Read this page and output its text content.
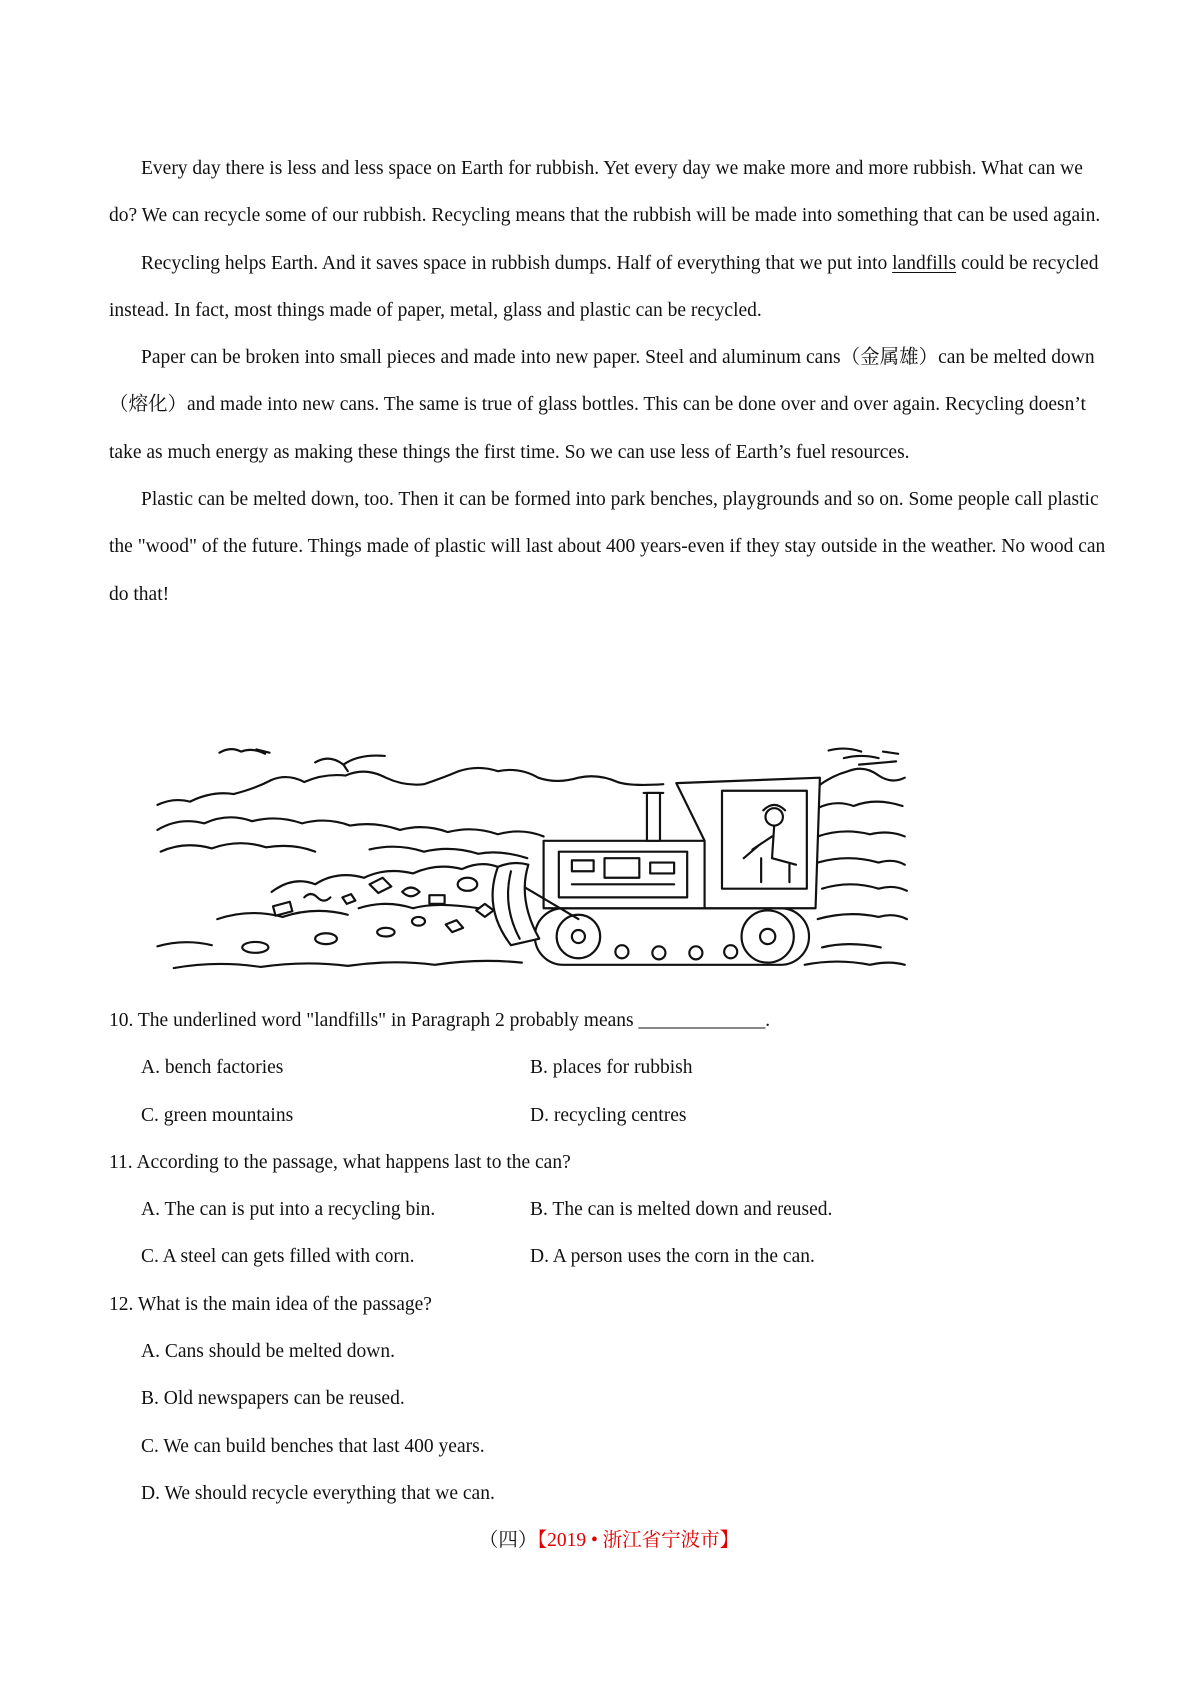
Every day there is less and less space on Earth for rubbish. Yet every day we make more and more rubbish. What can we do? We can recycle some of our rubbish. Recycling means that the rubbish will be made into something that can be used again.

Recycling helps Earth. And it saves space in rubbish dumps. Half of everything that we put into landfills could be recycled instead. In fact, most things made of paper, metal, glass and plastic can be recycled.

Paper can be broken into small pieces and made into new paper. Steel and aluminum cans（金属雄）can be melted down（熔化）and made into new cans. The same is true of glass bottles. This can be done over and over again. Recycling doesn’t take as much energy as making these things the first time. So we can use less of Earth’s fuel resources.

Plastic can be melted down, too. Then it can be formed into park benches, playgrounds and so on. Some people call plastic the "wood" of the future. Things made of plastic will last about 400 years-even if they stay outside in the weather. No wood can do that!

10. The underlined word "landfills" in Paragraph 2 probably means _____________.
A. bench factories	B. places for rubbish
C. green mountains	D. recycling centres
11. According to the passage, what happens last to the can?
A. The can is put into a recycling bin.	B. The can is melted down and reused.
C. A steel can gets filled with corn.	D. A person uses the corn in the can.
12. What is the main idea of the passage?
A. Cans should be melted down.
B. Old newspapers can be reused.
C. We can build benches that last 400 years.
D. We should recycle everything that we can.
（四）【2019 • 浙江省宁波市】
